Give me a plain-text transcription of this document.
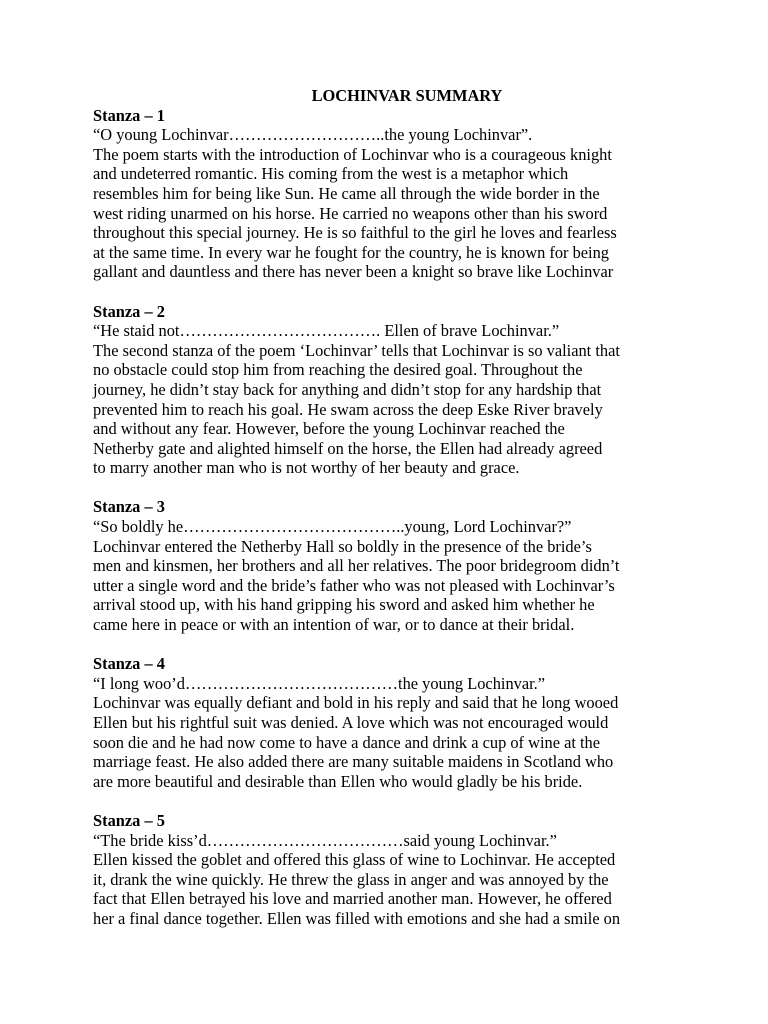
LOCHINVAR SUMMARY

Stanza – 1

“O young Lochinvar………………………..the young Lochinvar”.

The poem starts with the introduction of Lochinvar who is a courageous knight

and undeterred romantic. His coming from the west is a metaphor which

resembles him for being like Sun. He came all through the wide border in the

west riding unarmed on his horse. He carried no weapons other than his sword

throughout this special journey. He is so faithful to the girl he loves and fearless

at the same time. In every war he fought for the country, he is known for being

gallant and dauntless and there has never been a knight so brave like Lochinvar

Stanza – 2

“He staid not………………………………. Ellen of brave Lochinvar.”

The second stanza of the poem ‘Lochinvar’ tells that Lochinvar is so valiant that

no obstacle could stop him from reaching the desired goal. Throughout the

journey, he didn’t stay back for anything and didn’t stop for any hardship that

prevented him to reach his goal. He swam across the deep Eske River bravely

and without any fear. However, before the young Lochinvar reached the

Netherby gate and alighted himself on the horse, the Ellen had already agreed

to marry another man who is not worthy of her beauty and grace.

Stanza – 3

“So boldly he…………………………………..young, Lord Lochinvar?”

Lochinvar entered the Netherby Hall so boldly in the presence of the bride’s

men and kinsmen, her brothers and all her relatives. The poor bridegroom didn’t

utter a single word and the bride’s father who was not pleased with Lochinvar’s

arrival stood up, with his hand gripping his sword and asked him whether he

came here in peace or with an intention of war, or to dance at their bridal.

Stanza – 4

“I long woo’d…………………………………the young Lochinvar.”

Lochinvar was equally defiant and bold in his reply and said that he long wooed

Ellen but his rightful suit was denied. A love which was not encouraged would

soon die and he had now come to have a dance and drink a cup of wine at the

marriage feast. He also added there are many suitable maidens in Scotland who

are more beautiful and desirable than Ellen who would gladly be his bride.

Stanza – 5

“The bride kiss’d………………………………said young Lochinvar.”

Ellen kissed the goblet and offered this glass of wine to Lochinvar. He accepted

it, drank the wine quickly. He threw the glass in anger and was annoyed by the

fact that Ellen betrayed his love and married another man. However, he offered

her a final dance together. Ellen was filled with emotions and she had a smile on
